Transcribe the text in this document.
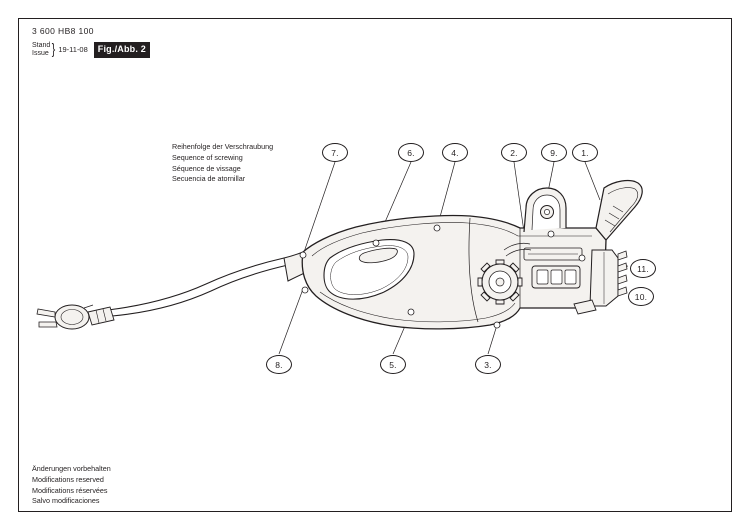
3 600 HB8 100
Stand
Issue } 19-11-08	Fig./Abb. 2
Reihenfolge der Verschraubung
Sequence of screwing
Séquence de vissage
Secuencia de atornillar
Änderungen vorbehalten
Modifications reserved
Modifications réservées
Salvo modificaciones
7.	6.	4.	2.	9.	1.
11.
10.
3.
5.
8.
